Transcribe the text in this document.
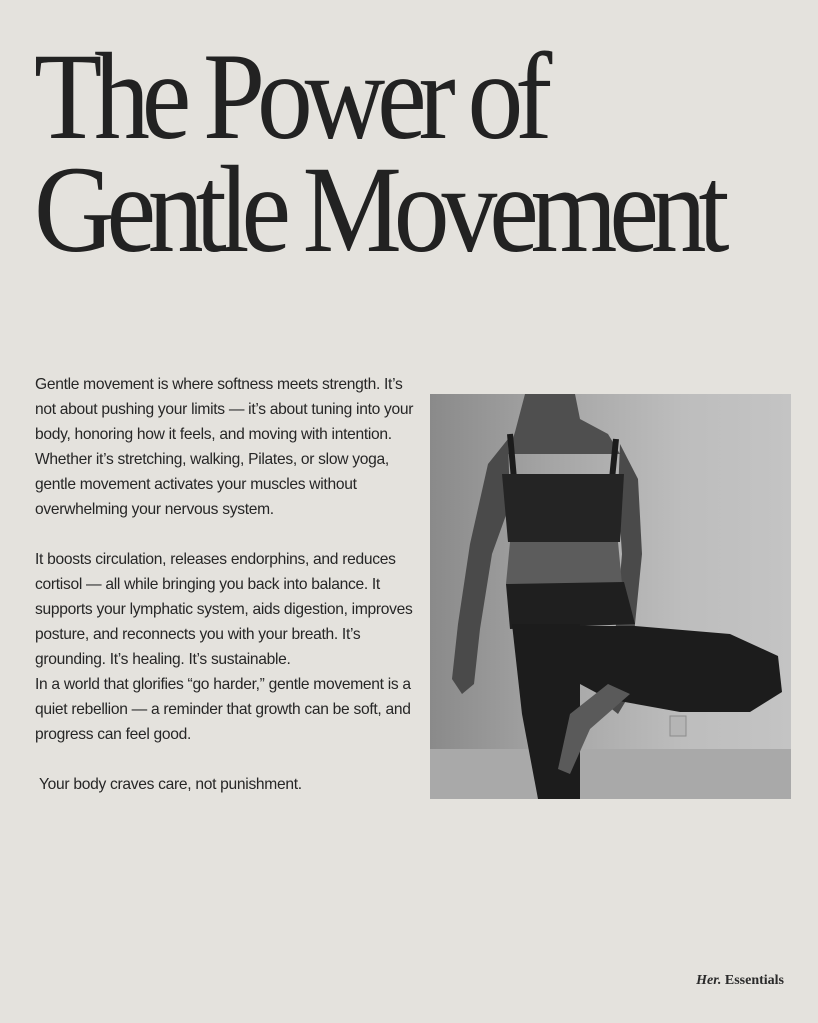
The Power of
Gentle Movement

Gentle movement is where softness meets strength. It’s not about pushing your limits — it’s about tuning into your body, honoring how it feels, and moving with intention. Whether it’s stretching, walking, Pilates, or slow yoga, gentle movement activates your muscles without overwhelming your nervous system.

It boosts circulation, releases endorphins, and reduces cortisol — all while bringing you back into balance. It supports your lymphatic system, aids digestion, improves posture, and reconnects you with your breath. It’s grounding. It’s healing. It’s sustainable.

In a world that glorifies “go harder,” gentle movement is a quiet rebellion — a reminder that growth can be soft, and progress can feel good.

Your body craves care, not punishment.

Her. Essentials
